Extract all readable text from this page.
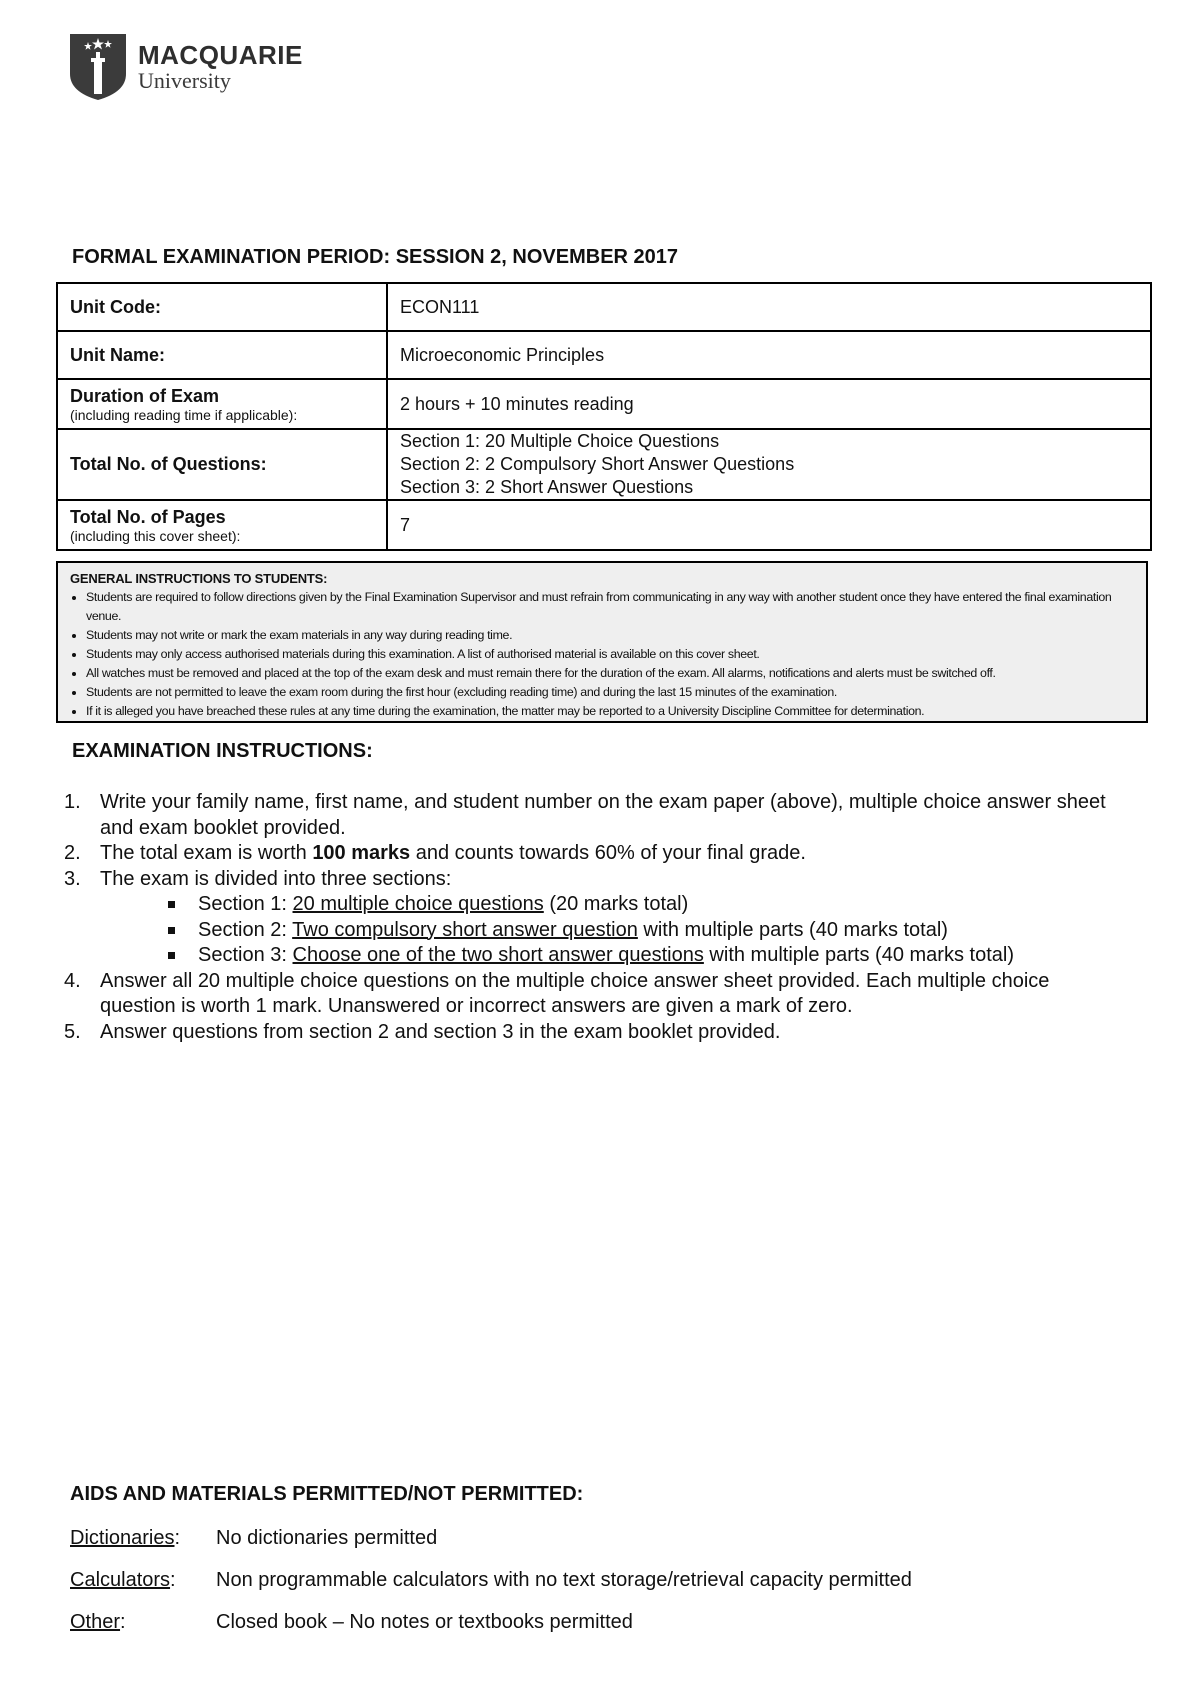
MACQUARIE
University
FORMAL EXAMINATION PERIOD: SESSION 2, NOVEMBER 2017
Unit Code:	ECON111
Unit Name:	Microeconomic Principles
Duration of Exam
(including reading time if applicable):	2 hours + 10 minutes reading
Total No. of Questions:	Section 1: 20 Multiple Choice Questions
Section 2: 2 Compulsory Short Answer Questions
Section 3: 2 Short Answer Questions

Total No. of Pages
(including this cover sheet):	7
GENERAL INSTRUCTIONS TO STUDENTS:
• Students are required to follow directions given by the Final Examination Supervisor and must refrain from communicating in any way with another student once they have entered the final examination venue.
• Students may not write or mark the exam materials in any way during reading time.
• Students may only access authorised materials during this examination. A list of authorised material is available on this cover sheet.
• All watches must be removed and placed at the top of the exam desk and must remain there for the duration of the exam. All alarms, notifications and alerts must be switched off.
• Students are not permitted to leave the exam room during the first hour (excluding reading time) and during the last 15 minutes of the examination.
• If it is alleged you have breached these rules at any time during the examination, the matter may be reported to a University Discipline Committee for determination.
EXAMINATION INSTRUCTIONS:
1. Write your family name, first name, and student number on the exam paper (above), multiple choice answer sheet and exam booklet provided.
2. The total exam is worth 100 marks and counts towards 60% of your final grade.
3. The exam is divided into three sections:
Section 1: 20 multiple choice questions (20 marks total)
Section 2: Two compulsory short answer question with multiple parts (40 marks total)
Section 3: Choose one of the two short answer questions with multiple parts (40 marks total)
4. Answer all 20 multiple choice questions on the multiple choice answer sheet provided. Each multiple choice question is worth 1 mark. Unanswered or incorrect answers are given a mark of zero.
5. Answer questions from section 2 and section 3 in the exam booklet provided.
AIDS AND MATERIALS PERMITTED/NOT PERMITTED:
Dictionaries: No dictionaries permitted
Calculators: Non programmable calculators with no text storage/retrieval capacity permitted
Other:	Closed book – No notes or textbooks permitted
